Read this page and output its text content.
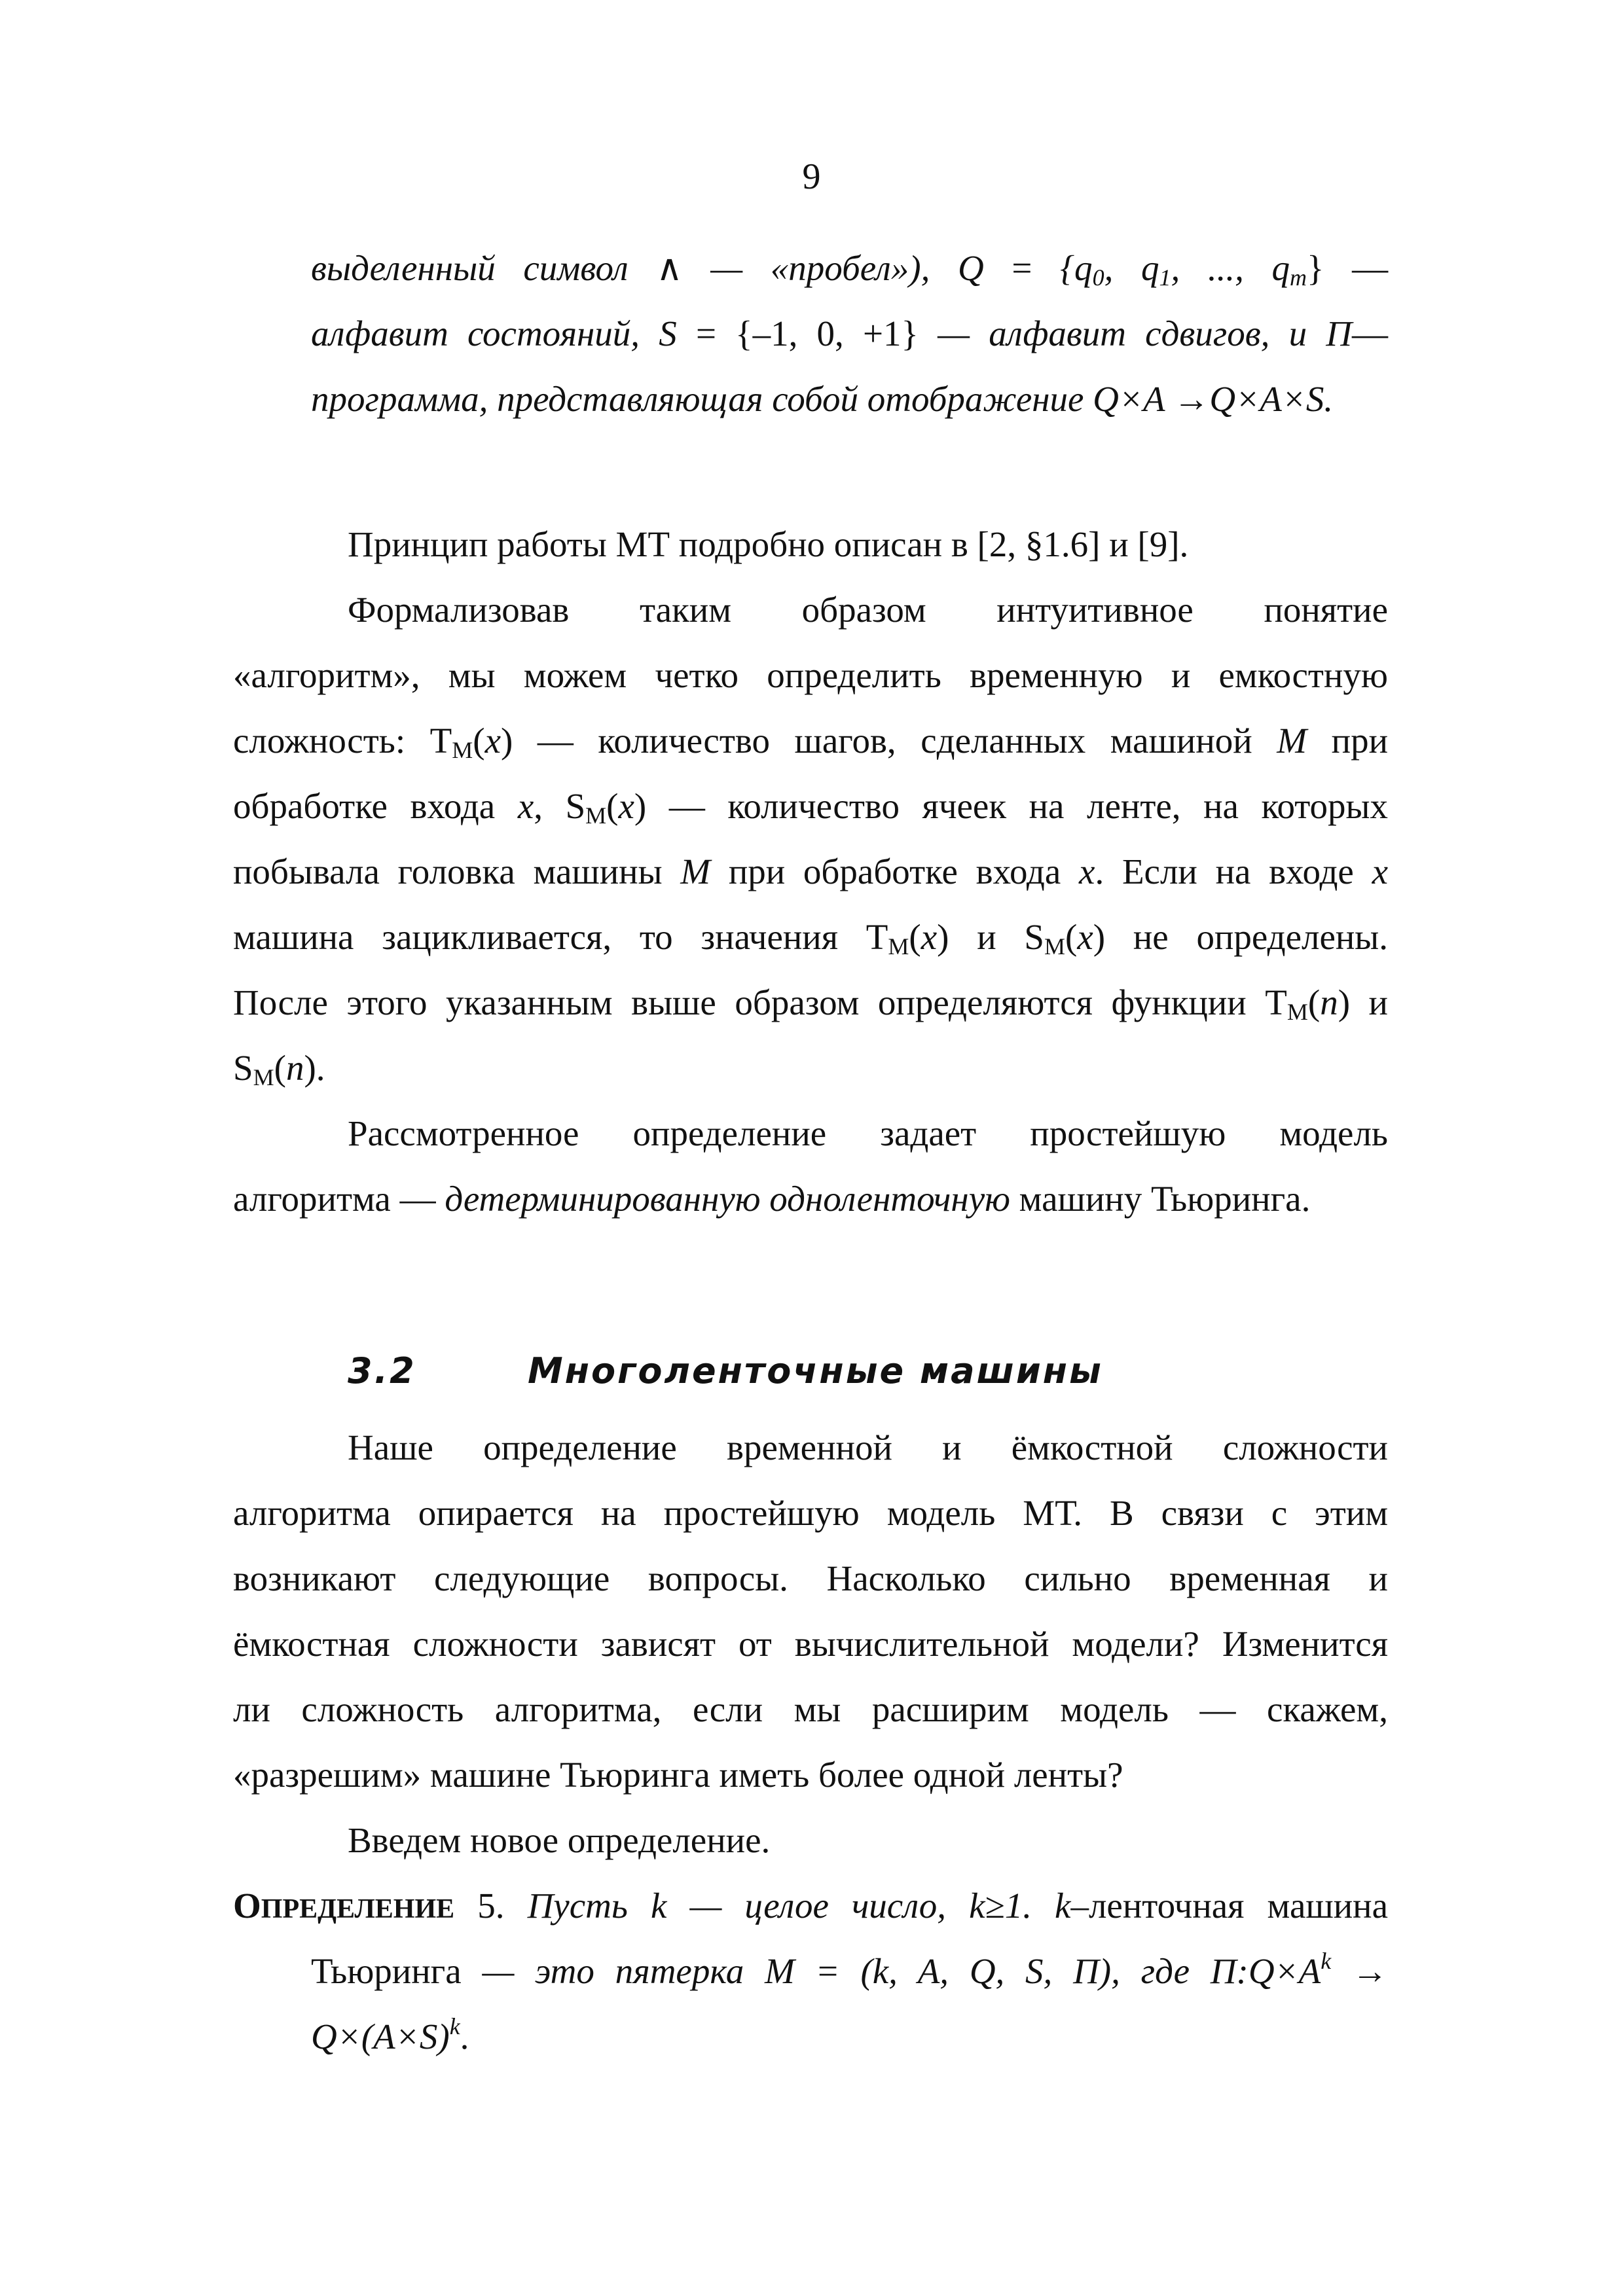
9
выделенный символ ∧ — «пробел»), $Q = \{q_0$, $q_1$, ..., $q_m$} —
алфавит состояний, S = {–1, 0, +1} — алфавит сдвигов, и П—
программа, представляющая собой отображение Q×A →Q×A×S.
Принцип работы МТ подробно описан в [2, §1.6] и [9].
Формализовав таким образом интуитивное понятие
«алгоритм», мы можем четко определить временную и емкостную
сложность: $T_M(x)$ — количество шагов, сделанных машиной M при
обработке входа x, $S_M(x)$ — количество ячеек на ленте, на которых
побывала головка машины M при обработке входа x. Если на входе x
машина зацикливается, то значения $T_M(x)$ и $S_M(x)$ не определены.
После этого указанным выше образом определяются функции $T_M(n)$ и
$S_M(n)$.
Рассмотренное определение задает простейшую модель
алгоритма — детерминированную одноленточную машину Тьюринга.
3.2	Многоленточные машины
Наше определение временной и ёмкостной сложности
алгоритма опирается на простейшую модель МТ. В связи с этим
возникают следующие вопросы. Насколько сильно временная и
ёмкостная сложности зависят от вычислительной модели? Изменится
ли сложность алгоритма, если мы расширим модель — скажем,
«разрешим» машине Тьюринга иметь более одной ленты?
Введем новое определение.
ОПРЕДЕЛЕНИЕ 5. Пусть k — целое число, k≥1. k–ленточная машина
Тьюринга — это пятерка M = (k, A, Q, S, П), где $П:Q\times A^k$ →
$Q\times(A\times S)^k$.
